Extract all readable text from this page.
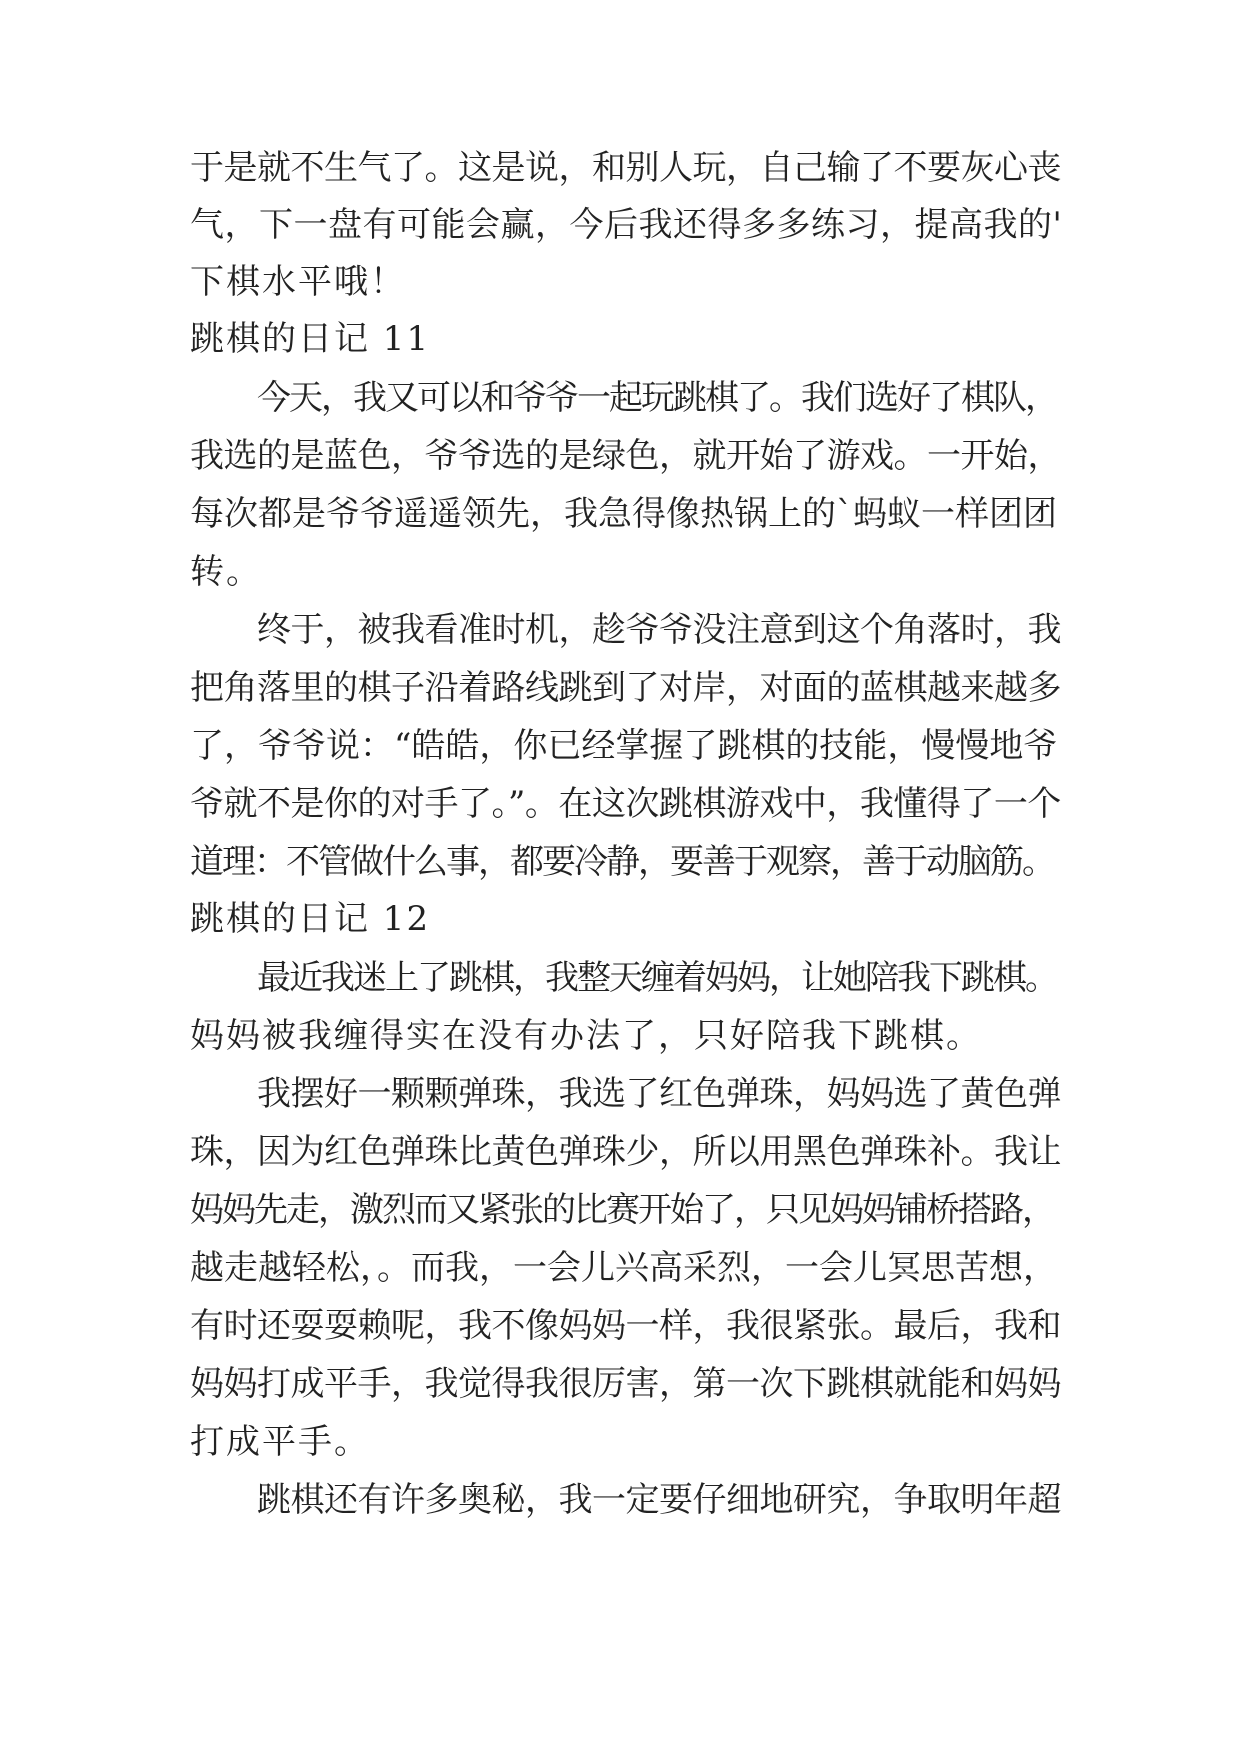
于是就不生气了。这是说，和别人玩，自己输了不要灰心丧
气，下一盘有可能会赢，今后我还得多多练习，提高我的'
下棋水平哦！
跳棋的日记 11
今天，我又可以和爷爷一起玩跳棋了。我们选好了棋队，
我选的是蓝色，爷爷选的是绿色，就开始了游戏。一开始，
每次都是爷爷遥遥领先，我急得像热锅上的`蚂蚁一样团团
转。
终于，被我看准时机，趁爷爷没注意到这个角落时，我
把角落里的棋子沿着路线跳到了对岸，对面的蓝棋越来越多
了，爷爷说：“皓皓，你已经掌握了跳棋的技能，慢慢地爷
爷就不是你的对手了。”。在这次跳棋游戏中，我懂得了一个
道理：不管做什么事，都要冷静，要善于观察，善于动脑筋。
跳棋的日记 12
最近我迷上了跳棋，我整天缠着妈妈，让她陪我下跳棋。
妈妈被我缠得实在没有办法了，只好陪我下跳棋。
我摆好一颗颗弹珠，我选了红色弹珠，妈妈选了黄色弹
珠，因为红色弹珠比黄色弹珠少，所以用黑色弹珠补。我让
妈妈先走，激烈而又紧张的比赛开始了，只见妈妈铺桥搭路，
越走越轻松，。而我，一会儿兴高采烈，一会儿冥思苦想，
有时还耍耍赖呢，我不像妈妈一样，我很紧张。最后，我和
妈妈打成平手，我觉得我很厉害，第一次下跳棋就能和妈妈
打成平手。
跳棋还有许多奥秘，我一定要仔细地研究，争取明年超
